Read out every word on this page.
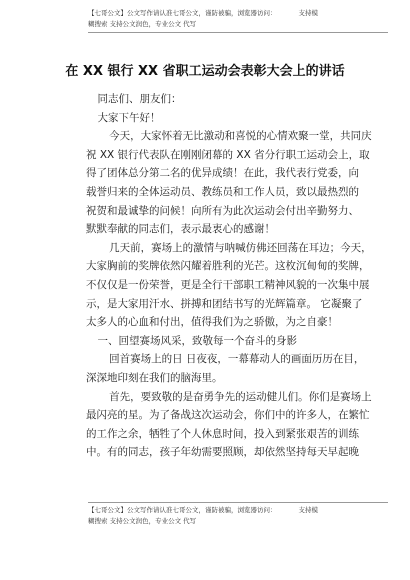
【七哥公文】公文写作请认准七哥公文，谨防被骗，浏览器访问：	支持模
糊搜索 支持公文润色，专业公文 代写
在 XX 银行 XX 省职工运动会表彰大会上的讲话

同志们、朋友们：

大家下午好！

今天，大家怀着无比激动和喜悦的心情欢聚一堂，共同庆祝 XX 银行代表队在刚刚闭幕的 XX 省分行职工运动会上，取得了团体总分第二名的优异成绩！在此，我代表行党委，向 载誉归来的全体运动员、教练员和工作人员，致以最热烈的 祝贺和最诚挚的问候！向所有为此次运动会付出辛勤努力、 默默奉献的同志们，表示最衷心的感谢！

几天前，赛场上的激情与呐喊仿佛还回荡在耳边；今天，大家胸前的奖牌依然闪耀着胜利的光芒。这枚沉甸甸的奖牌，不仅仅是一份荣誉，更是全行干部职工精神风貌的一次集中展示，是大家用汗水、拼搏和团结书写的光辉篇章。 它凝聚了太多人的心血和付出，值得我们为之骄傲，为之自豪！

一、回望赛场风采，致敬每一个奋斗的身影

回首赛场上的日 日夜夜，一幕幕动人的画面历历在目， 深深地印刻在我们的脑海里。

首先，要致敬的是奋勇争先的运动健儿们。你们是赛场上最闪亮的星。为了备战这次运动会，你们中的许多人，在繁忙的工作之余，牺牲了个人休息时间，投入到紧张艰苦的训练中。有的同志，孩子年幼需要照顾，却依然坚持每天早起晚

【七哥公文】公文写作请认准七哥公文，谨防被骗，浏览器访问：	支持模
糊搜索 支持公文润色，专业公文 代写
